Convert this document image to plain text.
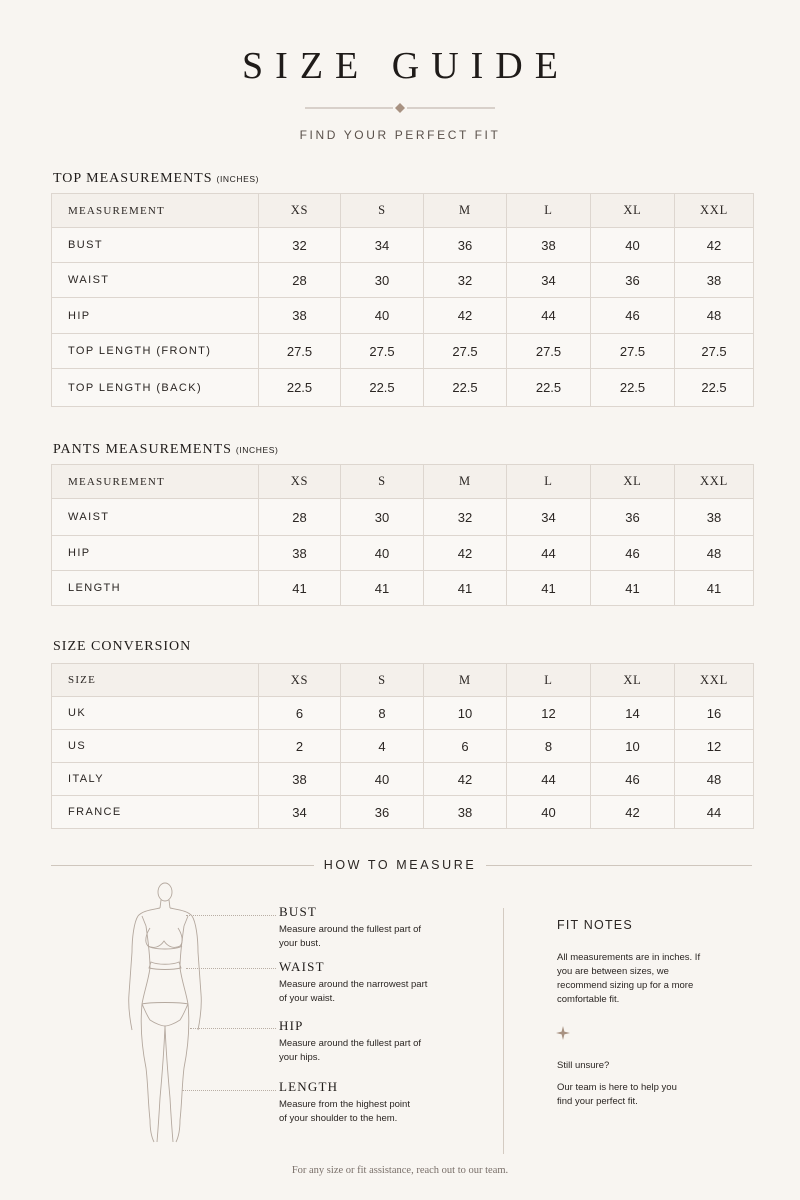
SIZE GUIDE
FIND YOUR PERFECT FIT
TOP MEASUREMENTS (INCHES)
MEASUREMENT	XS	S	M	L	XL	XXL
BUST	32	34	36	38	40	42
WAIST	28	30	32	34	36	38
HIP	38	40	42	44	46	48
TOP LENGTH (FRONT)	27.5	27.5	27.5	27.5	27.5	27.5
TOP LENGTH (BACK)	22.5	22.5	22.5	22.5	22.5	22.5
PANTS MEASUREMENTS (INCHES)
MEASUREMENT	XS	S	M	L	XL	XXL
WAIST	28	30	32	34	36	38
HIP	38	40	42	44	46	48
LENGTH	41	41	41	41	41	41
SIZE CONVERSION
SIZE	XS	S	M	L	XL	XXL
UK	6	8	10	12	14	16
US	2	4	6	8	10	12
ITALY	38	40	42	44	46	48
FRANCE	34	36	38	40	42	44
HOW TO MEASURE
BUST
Measure around the fullest part of your bust.
WAIST
Measure around the narrowest part of your waist.
HIP
Measure around the fullest part of your hips.
LENGTH
Measure from the highest point of your shoulder to the hem.
FIT NOTES

All measurements are in inches. If you are between sizes, we recommend sizing up for a more comfortable fit.

Still unsure?

Our team is here to help you find your perfect fit.

For any size or fit assistance, reach out to our team.
